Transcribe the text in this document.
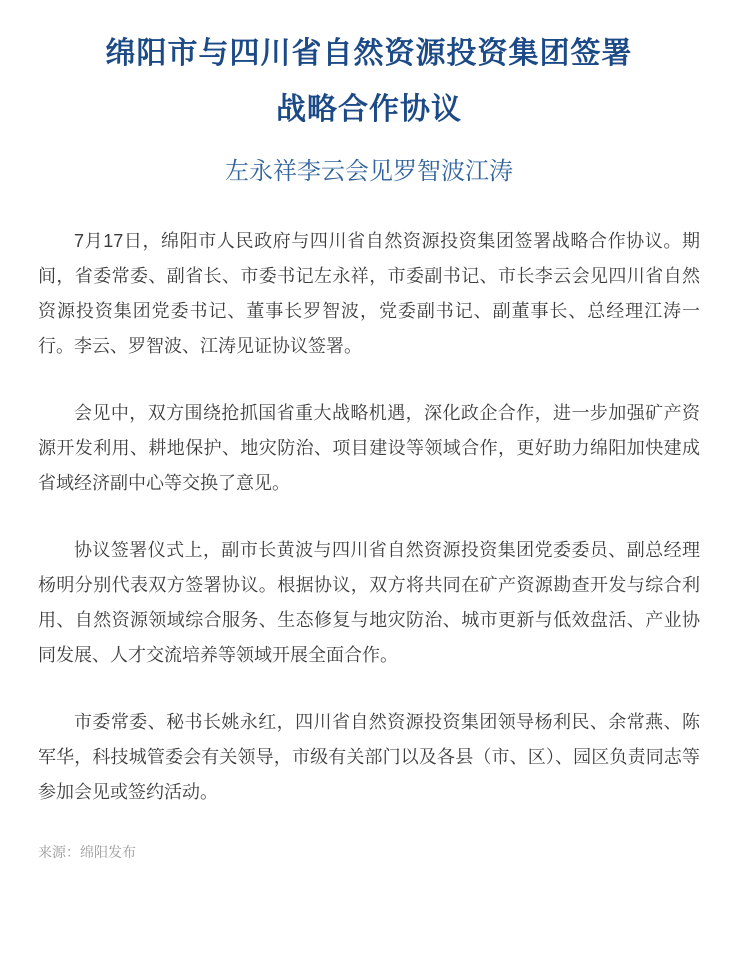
绵阳市与四川省自然资源投资集团签署
战略合作协议
左永祥李云会见罗智波江涛

7月17日，绵阳市人民政府与四川省自然资源投资集团签署战略合作协议。期间，省委常委、副省长、市委书记左永祥，市委副书记、市长李云会见四川省自然资源投资集团党委书记、董事长罗智波，党委副书记、副董事长、总经理江涛一行。李云、罗智波、江涛见证协议签署。

会见中，双方围绕抢抓国省重大战略机遇，深化政企合作，进一步加强矿产资源开发利用、耕地保护、地灾防治、项目建设等领域合作，更好助力绵阳加快建成省域经济副中心等交换了意见。

协议签署仪式上，副市长黄波与四川省自然资源投资集团党委委员、副总经理杨明分别代表双方签署协议。根据协议，双方将共同在矿产资源勘查开发与综合利用、自然资源领域综合服务、生态修复与地灾防治、城市更新与低效盘活、产业协同发展、人才交流培养等领域开展全面合作。

市委常委、秘书长姚永红，四川省自然资源投资集团领导杨利民、余常燕、陈军华，科技城管委会有关领导，市级有关部门以及各县（市、区）、园区负责同志等参加会见或签约活动。

来源：绵阳发布
